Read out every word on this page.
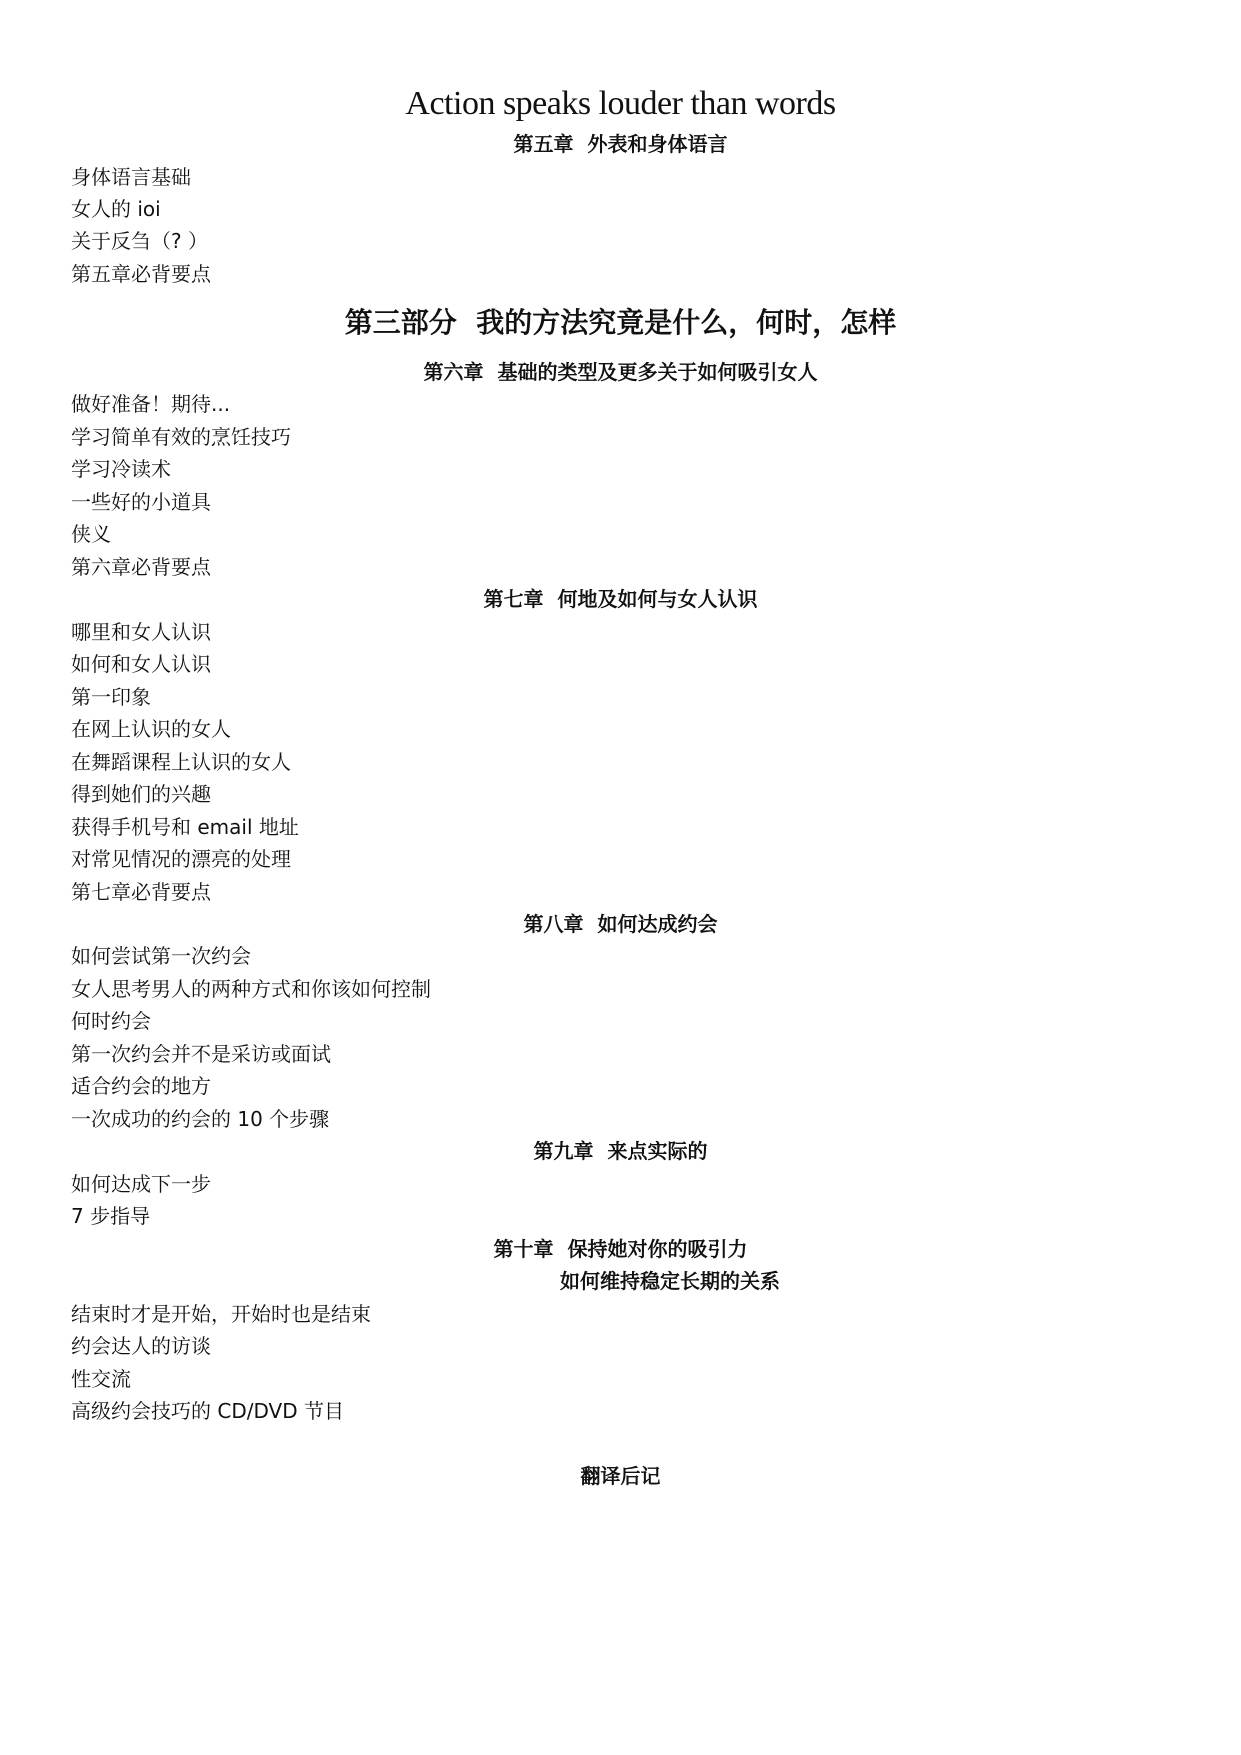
Action speaks louder than words
第五章  外表和身体语言
身体语言基础
女人的 ioi
关于反刍（? ）
第五章必背要点
第三部分  我的方法究竟是什么，何时，怎样
第六章  基础的类型及更多关于如何吸引女人
做好准备！期待...
学习简单有效的烹饪技巧
学习冷读术
一些好的小道具
侠义
第六章必背要点
第七章  何地及如何与女人认识
哪里和女人认识
如何和女人认识
第一印象
在网上认识的女人
在舞蹈课程上认识的女人
得到她们的兴趣
获得手机号和 email 地址
对常见情况的漂亮的处理
第七章必背要点
第八章  如何达成约会
如何尝试第一次约会
女人思考男人的两种方式和你该如何控制
何时约会
第一次约会并不是采访或面试
适合约会的地方
一次成功的约会的 10 个步骤
第九章  来点实际的
如何达成下一步
7 步指导
第十章  保持她对你的吸引力
如何维持稳定长期的关系
结束时才是开始，开始时也是结束
约会达人的访谈
性交流
高级约会技巧的 CD/DVD 节目
翻译后记
